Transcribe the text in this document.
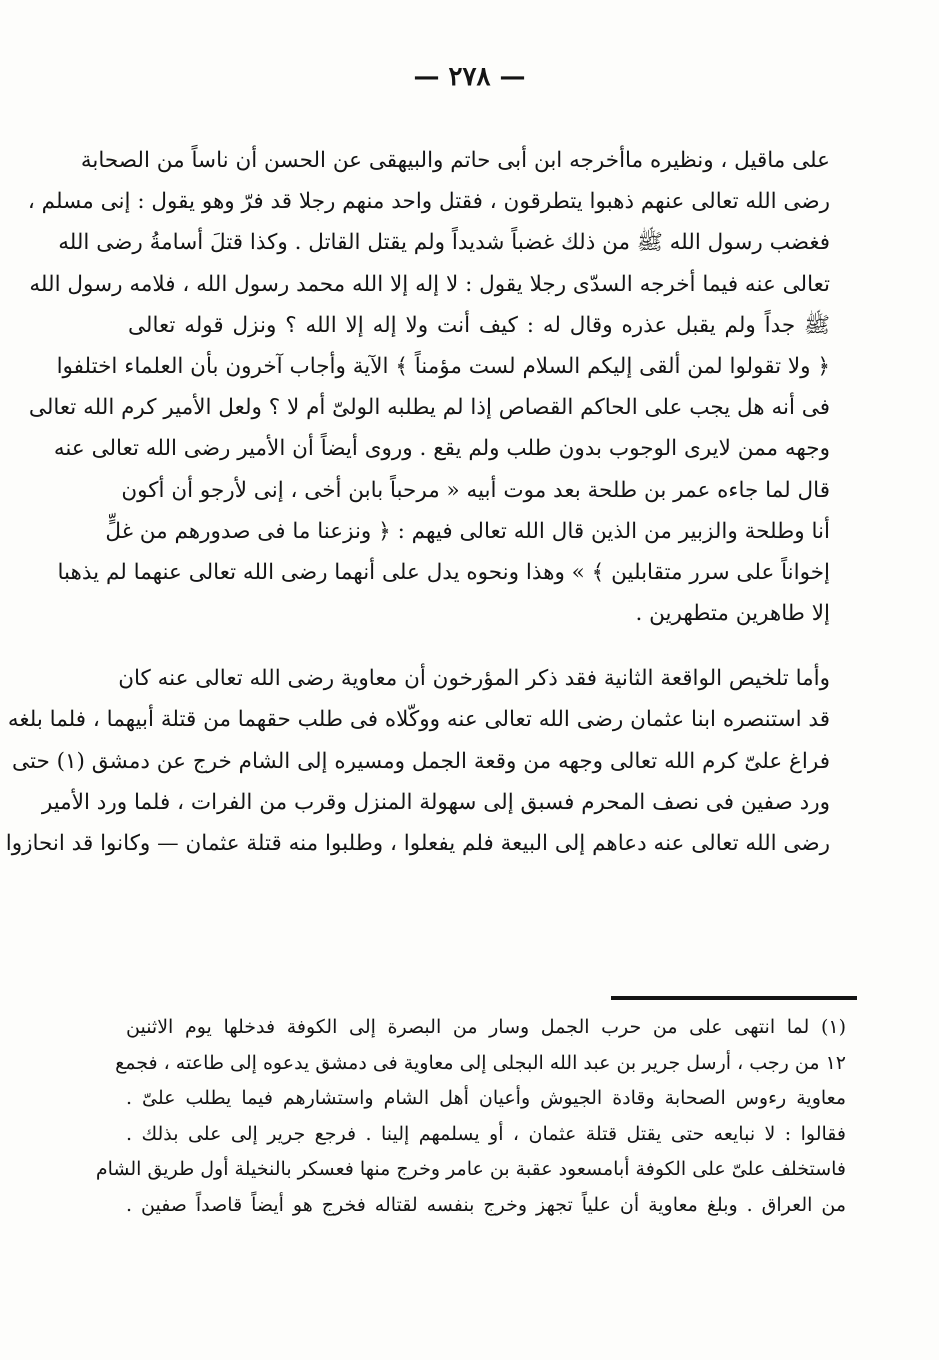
— ٢٧٨ —
على ماقيل ، ونظيره ماأخرجه ابن أبى حاتم والبيهقى عن الحسن أن ناساً من الصحابة
رضى الله تعالى عنهم ذهبوا يتطرقون ، فقتل واحد منهم رجلا قد فرّ وهو يقول : إنى مسلم ،
فغضب رسول الله ﷺ من ذلك غضباً شديداً ولم يقتل القاتل . وكذا قتلَ أسامةُ رضى الله
تعالى عنه فيما أخرجه السدّى رجلا يقول : لا إله إلا الله محمد رسول الله ، فلامه رسول الله
ﷺ جداً ولم يقبل عذره وقال له : كيف أنت ولا إله إلا الله ؟ ونزل قوله تعالى
﴿ ولا تقولوا لمن ألقى إليكم السلام لست مؤمناً ﴾ الآية وأجاب آخرون بأن العلماء اختلفوا
فى أنه هل يجب على الحاكم القصاص إذا لم يطلبه الولىّ أم لا ؟ ولعل الأمير كرم الله تعالى
وجهه ممن لايرى الوجوب بدون طلب ولم يقع . وروى أيضاً أن الأمير رضى الله تعالى عنه
قال لما جاءه عمر بن طلحة بعد موت أبيه « مرحباً بابن أخى ، إنى لأرجو أن أكون
أنا وطلحة والزبير من الذين قال الله تعالى فيهم : ﴿ ونزعنا ما فى صدورهم من غلٍّ
إخواناً على سرر متقابلين ﴾ » وهذا ونحوه يدل على أنهما رضى الله تعالى عنهما لم يذهبا
إلا طاهرين متطهرين .
وأما تلخيص الواقعة الثانية فقد ذكر المؤرخون أن معاوية رضى الله تعالى عنه كان
قد استنصره ابنا عثمان رضى الله تعالى عنه ووكّلاه فى طلب حقهما من قتلة أبيهما ، فلما بلغه
فراغ علىّ كرم الله تعالى وجهه من وقعة الجمل ومسيره إلى الشام خرج عن دمشق (١) حتى
ورد صفين فى نصف المحرم فسبق إلى سهولة المنزل وقرب من الفرات ، فلما ورد الأمير
رضى الله تعالى عنه دعاهم إلى البيعة فلم يفعلوا ، وطلبوا منه قتلة عثمان — وكانوا قد انحازوا
(١) لما انتهى على من حرب الجمل وسار من البصرة إلى الكوفة فدخلها يوم الاثنين
١٢ من رجب ، أرسل جرير بن عبد الله البجلى إلى معاوية فى دمشق يدعوه إلى طاعته ، فجمع
معاوية رءوس الصحابة وقادة الجيوش وأعيان أهل الشام واستشارهم فيما يطلب علىّ .
فقالوا : لا نبايعه حتى يقتل قتلة عثمان ، أو يسلمهم إلينا . فرجع جرير إلى على بذلك .
فاستخلف علىّ على الكوفة أبامسعود عقبة بن عامر وخرج منها فعسكر بالنخيلة أول طريق الشام
من العراق . وبلغ معاوية أن علياً تجهز وخرج بنفسه لقتاله فخرج هو أيضاً قاصداً صفين .
